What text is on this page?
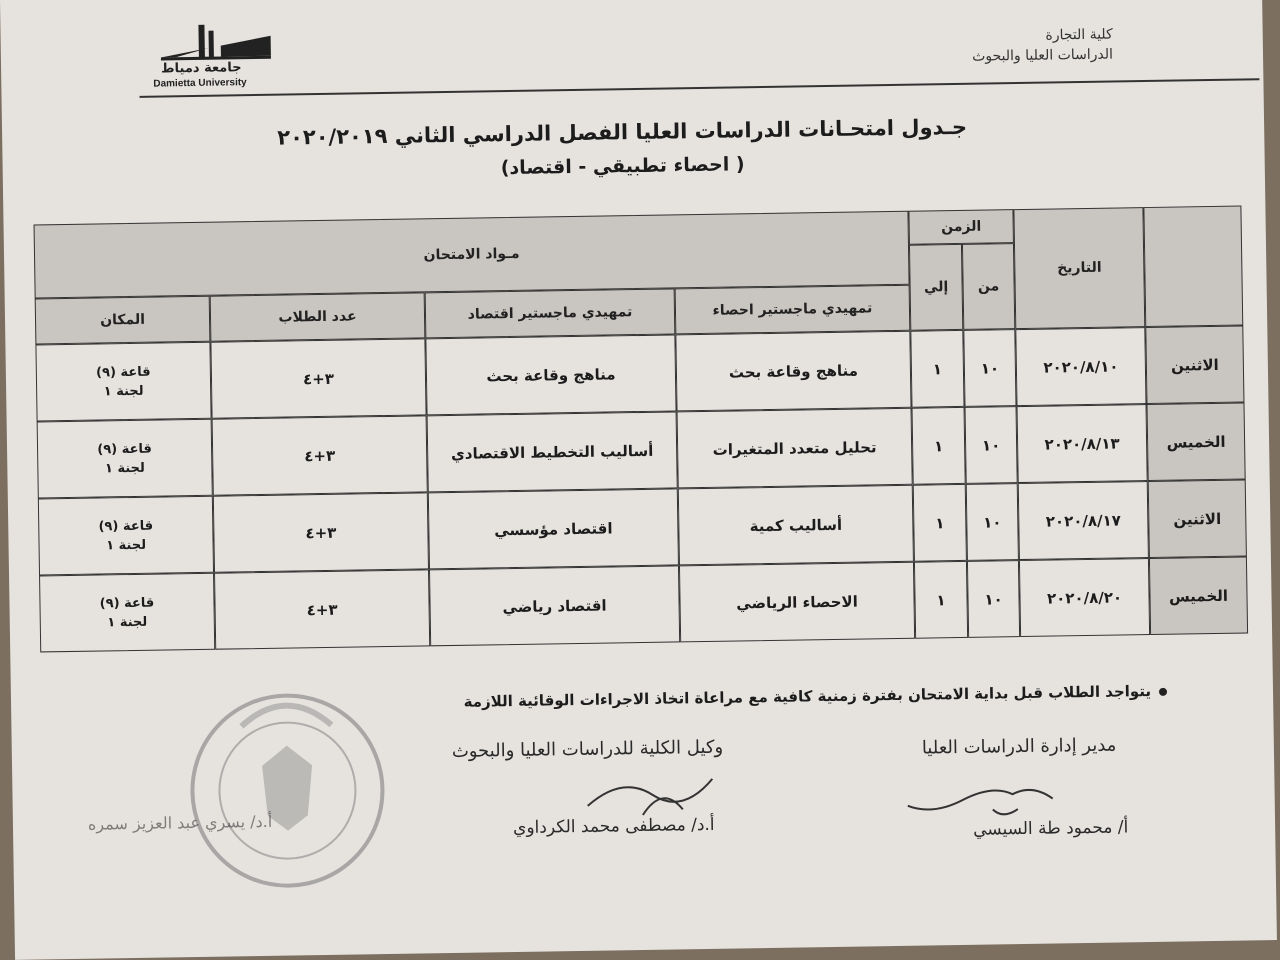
جامعة دمياط
Damietta University
كلية التجارة
الدراسات العليا والبحوث
جـدول امتحـانات الدراسات العليا الفصل الدراسي الثاني ٢٠٢٠/٢٠١٩
( احصاء تطبيقي - اقتصاد)
التاريخ
الزمن
من
إلي
مـواد الامتحان
تمهيدي ماجستير احصاء
تمهيدي ماجستير اقتصاد
عدد الطلاب
المكان
الاثنين
٢٠٢٠/٨/١٠
١٠
١
مناهج وقاعة بحث
مناهج وقاعة بحث
٣+٤
قاعة (٩)
لجنة ١
الخميس
٢٠٢٠/٨/١٣
١٠
١
تحليل متعدد المتغيرات
أساليب التخطيط الاقتصادي
٣+٤
قاعة (٩)
لجنة ١
الاثنين
٢٠٢٠/٨/١٧
١٠
١
أساليب كمية
اقتصاد مؤسسي
٣+٤
قاعة (٩)
لجنة ١
الخميس
٢٠٢٠/٨/٢٠
١٠
١
الاحصاء الرياضي
اقتصاد رياضي
٣+٤
قاعة (٩)
لجنة ١
يتواجد الطلاب قبل بداية الامتحان بفترة زمنية كافية مع مراعاة اتخاذ الاجراءات الوقائية اللازمة
وكيل الكلية للدراسات العليا والبحوث
أ.د/ مصطفى محمد الكرداوي
مدير إدارة الدراسات العليا
أ/ محمود طة السيسي
أ.د/ يسري عبد العزيز سمره
